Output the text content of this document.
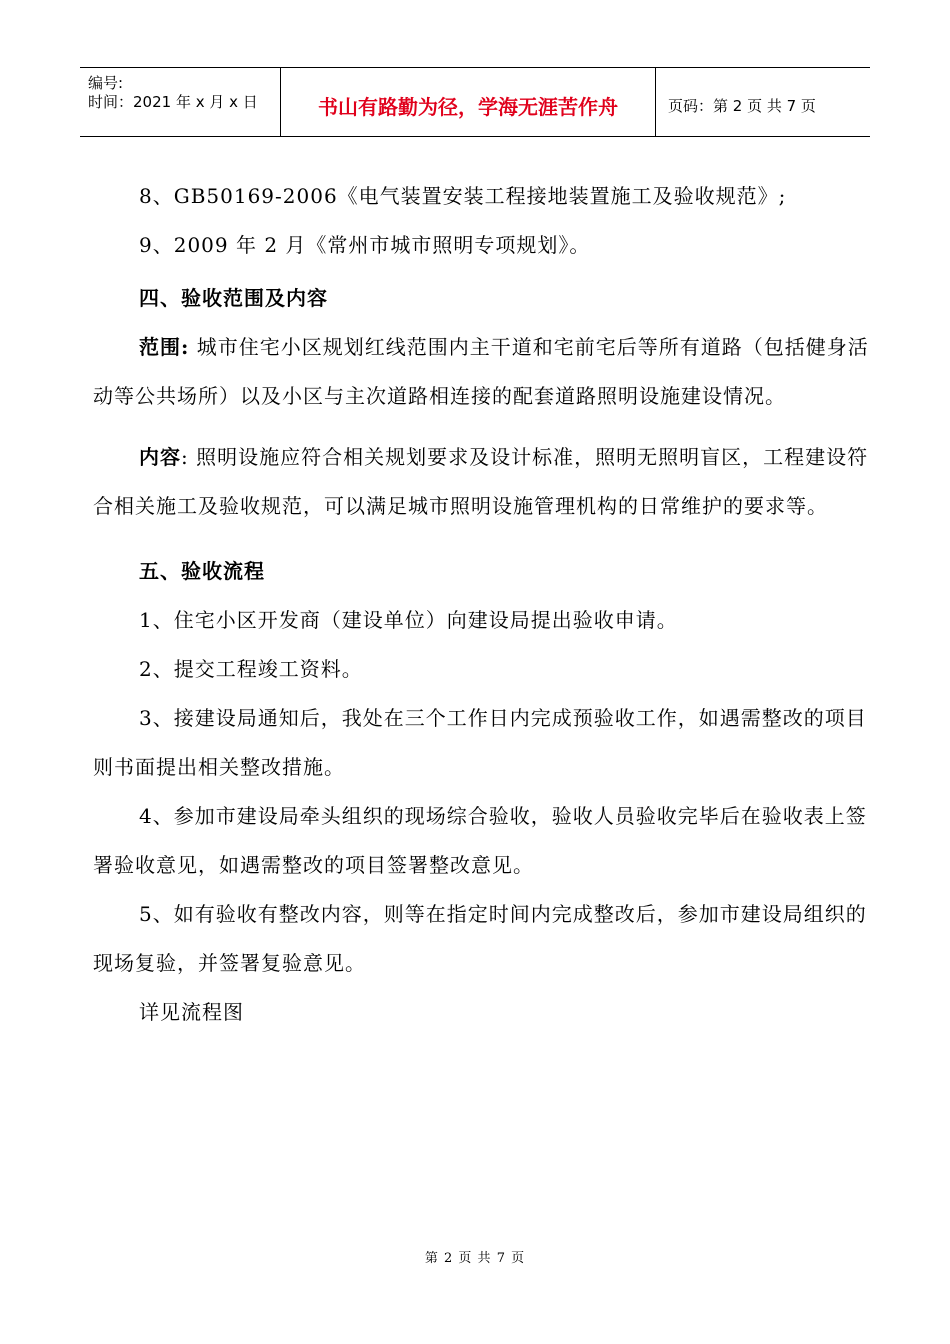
编号:
时间：2021 年 x 月 x 日	书山有路勤为径，学海无涯苦作舟	页码：第 2 页 共 7 页

8、GB50169-2006《电气装置安装工程接地装置施工及验收规范》;

9、2009 年 2 月《常州市城市照明专项规划》。

四、验收范围及内容

范围: 城市住宅小区规划红线范围内主干道和宅前宅后等所有道路（包括健身活动等公共场所）以及小区与主次道路相连接的配套道路照明设施建设情况。

内容: 照明设施应符合相关规划要求及设计标准，照明无照明盲区，工程建设符合相关施工及验收规范，可以满足城市照明设施管理机构的日常维护的要求等。

五、验收流程

1、住宅小区开发商（建设单位）向建设局提出验收申请。

2、提交工程竣工资料。

3、接建设局通知后，我处在三个工作日内完成预验收工作，如遇需整改的项目则书面提出相关整改措施。

4、参加市建设局牵头组织的现场综合验收，验收人员验收完毕后在验收表上签署验收意见，如遇需整改的项目签署整改意见。

5、如有验收有整改内容，则等在指定时间内完成整改后，参加市建设局组织的现场复验，并签署复验意见。

详见流程图

第 2 页 共 7 页
